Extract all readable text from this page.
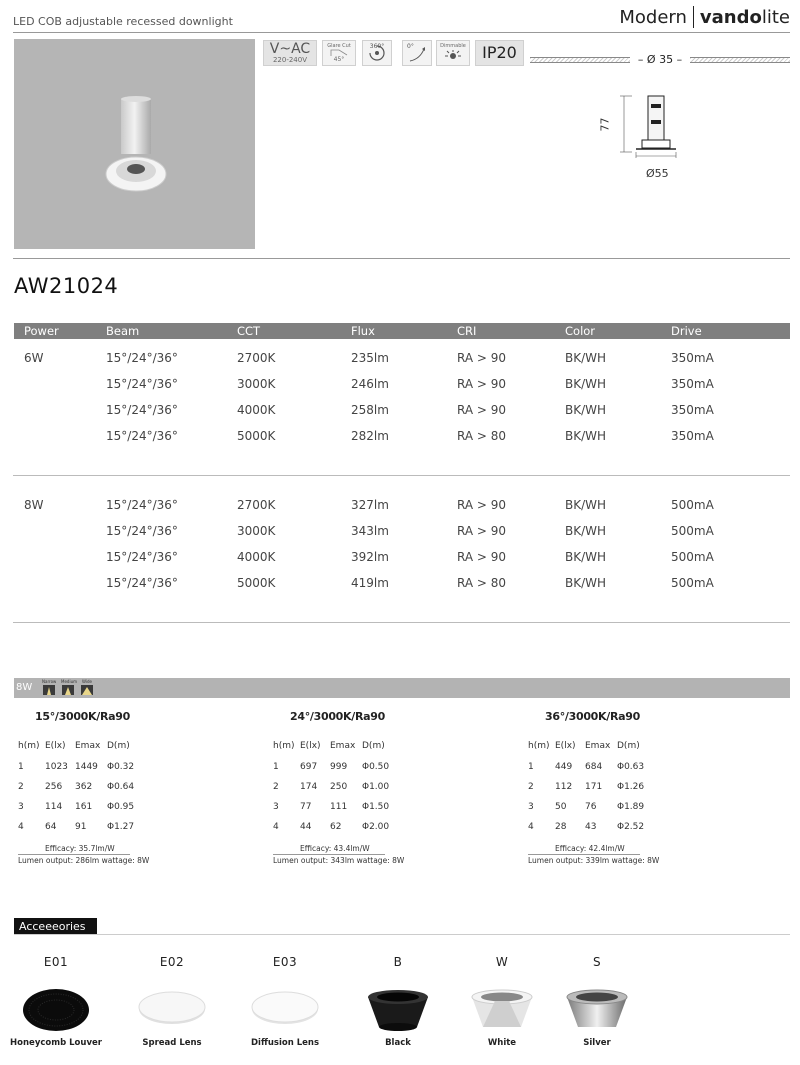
LED COB adjustable recessed downlight	Modern vando lite
V~AC
220-240V
Glare Cut
45°
360°	0°	Dimmable	IP20	– Ø 35 –
77
Ø55
AW21024
Power	Beam	CCT	Flux	CRI	Color	Drive
6W	15°/24°/36°	2700K	235lm	RA > 90	BK/WH	350mA
15°/24°/36°	3000K	246lm	RA > 90	BK/WH	350mA
15°/24°/36°	4000K	258lm	RA > 90	BK/WH	350mA
15°/24°/36°	5000K	282lm	RA > 80	BK/WH	350mA
8W	15°/24°/36°	2700K	327lm	RA > 90	BK/WH	500mA
15°/24°/36°	3000K	343lm	RA > 90	BK/WH	500mA
15°/24°/36°	4000K	392lm	RA > 90	BK/WH	500mA
15°/24°/36°	5000K	419lm	RA > 80	BK/WH	500mA
8W
Narrow Medium	Wide
15°/3000K/Ra90
h(m) E(lx) Emax D(m)
1 1023 1449 Φ0.32
2 256 362 Φ0.64
3 114 161 Φ0.95
4 64 91 Φ1.27
Efficacy: 35.7lm/W
Lumen output: 286lm wattage: 8W
24°/3000K/Ra90
h(m) E(lx) Emax D(m)
1 697 999 Φ0.50
2 174 250 Φ1.00
3 77 111 Φ1.50
4 44 62 Φ2.00
Efficacy: 43.4lm/W
Lumen output: 343lm wattage: 8W
36°/3000K/Ra90
h(m) E(lx) Emax D(m)
1 449 684 Φ0.63
2 112 171 Φ1.26
3 50 76 Φ1.89
4 28 43 Φ2.52
Efficacy: 42.4lm/W
Lumen output: 339lm wattage: 8W
Acceeeories
E01
Honeycomb Louver
E02
Spread Lens
E03
Diffusion Lens
B
Black
W
White
S
Silver
